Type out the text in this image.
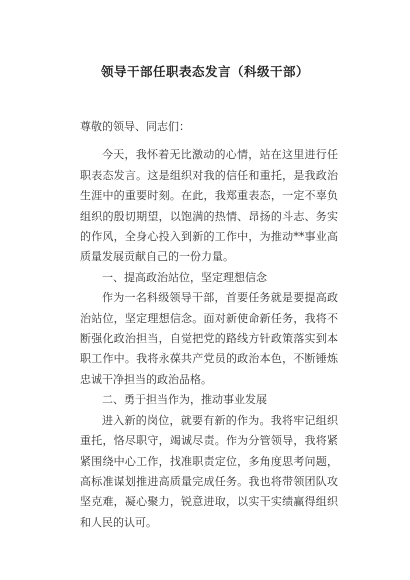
领导干部任职表态发言（科级干部）

尊敬的领导、同志们：

今天，我怀着无比激动的心情，站在这里进行任职表态发言。这是组织对我的信任和重托，是我政治生涯中的重要时刻。在此，我郑重表态，一定不辜负组织的殷切期望，以饱满的热情、昂扬的斗志、务实的作风，全身心投入到新的工作中，为推动**事业高质量发展贡献自己的一份力量。

一、提高政治站位，坚定理想信念

作为一名科级领导干部，首要任务就是要提高政治站位，坚定理想信念。面对新使命新任务，我将不断强化政治担当，自觉把党的路线方针政策落实到本职工作中。我将永葆共产党员的政治本色，不断锤炼忠诚干净担当的政治品格。

二、勇于担当作为，推动事业发展

进入新的岗位，就要有新的作为。我将牢记组织重托，恪尽职守，竭诚尽责。作为分管领导，我将紧紧围绕中心工作，找准职责定位，多角度思考问题，高标准谋划推进高质量完成任务。我也将带领团队攻坚克难，凝心聚力，锐意进取，以实干实绩赢得组织和人民的认可。
